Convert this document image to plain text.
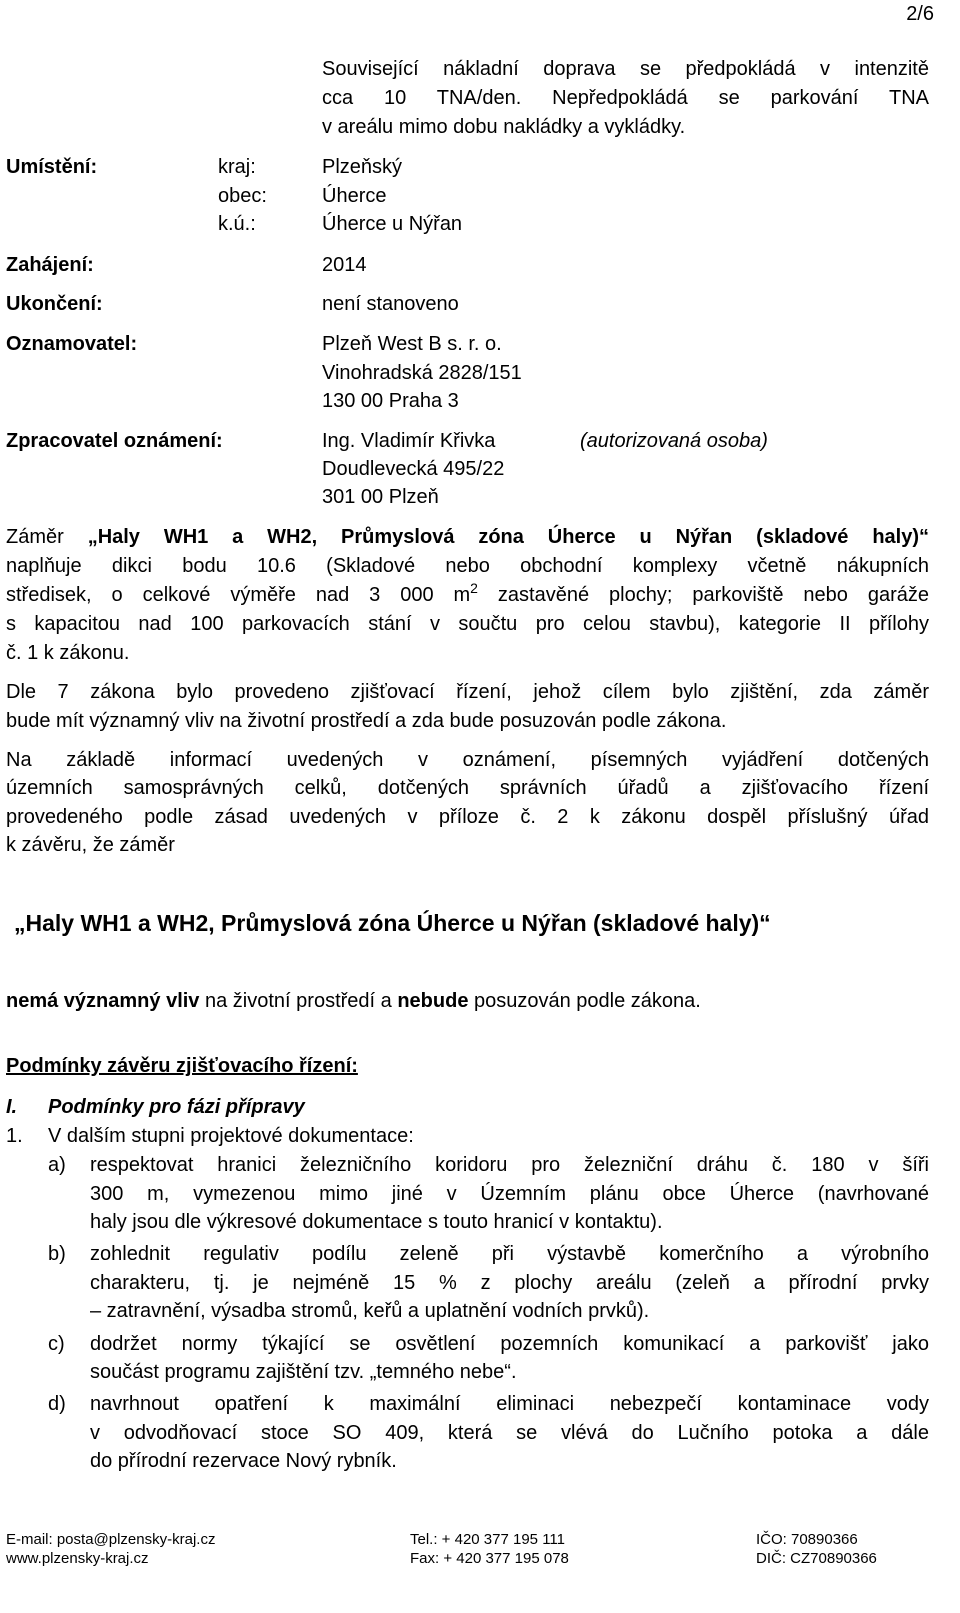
2/6
Související nákladní doprava se předpokládá v intenzitě
cca 10 TNA/den. Nepředpokládá se parkování TNA
v areálu mimo dobu nakládky a vykládky.
Umístění:	kraj:	Plzeňský
obec:	Úherce
k.ú.:	Úherce u Nýřan
Zahájení:	2014
Ukončení:	není stanoveno
Oznamovatel:	Plzeň West B s. r. o.
Vinohradská 2828/151
130 00 Praha 3
Zpracovatel oznámení:	Ing. Vladimír Křivka	(autorizovaná osoba)
Doudlevecká 495/22
301 00 Plzeň
Záměr „Haly WH1 a WH2, Průmyslová zóna Úherce u Nýřan (skladové haly)“
naplňuje dikci bodu 10.6 (Skladové nebo obchodní komplexy včetně nákupních
středisek, o celkové výměře nad 3 000 $m^2$ zastavěné plochy; parkoviště nebo garáže
s kapacitou nad 100 parkovacích stání v součtu pro celou stavbu), kategorie II přílohy
č. 1 k zákonu.
Dle 7 zákona bylo provedeno zjišťovací řízení, jehož cílem bylo zjištění, zda záměr
bude mít významný vliv na životní prostředí a zda bude posuzován podle zákona.
Na základě informací uvedených v oznámení, písemných vyjádření dotčených
územních samosprávných celků, dotčených správních úřadů a zjišťovacího řízení
provedeného podle zásad uvedených v příloze č. 2 k zákonu dospěl příslušný úřad
k závěru, že záměr
„Haly WH1 a WH2, Průmyslová zóna Úherce u Nýřan (skladové haly)“
nemá významný vliv na životní prostředí a nebude posuzován podle zákona.
Podmínky závěru zjišťovacího řízení:
I. Podmínky pro fázi přípravy
1. V dalším stupni projektové dokumentace:
a) respektovat hranici železničního koridoru pro železniční dráhu č. 180 v šíři
300 m, vymezenou mimo jiné v Územním plánu obce Úherce (navrhované
haly jsou dle výkresové dokumentace s touto hranicí v kontaktu).
b) zohlednit regulativ podílu zeleně při výstavbě komerčního a výrobního
charakteru, tj. je nejméně 15 % z plochy areálu (zeleň a přírodní prvky
– zatravnění, výsadba stromů, keřů a uplatnění vodních prvků).
c) dodržet normy týkající se osvětlení pozemních komunikací a parkovišť jako
součást programu zajištění tzv. „temného nebe“.
d) navrhnout opatření k maximální eliminaci nebezpečí kontaminace vody
v odvodňovací stoce SO 409, která se vlévá do Lučního potoka a dále
do přírodní rezervace Nový rybník.
E-mail: posta@plzensky-kraj.cz
www.plzensky-kraj.cz
Tel.: + 420 377 195 111
Fax: + 420 377 195 078
IČO: 70890366
DIČ: CZ70890366
